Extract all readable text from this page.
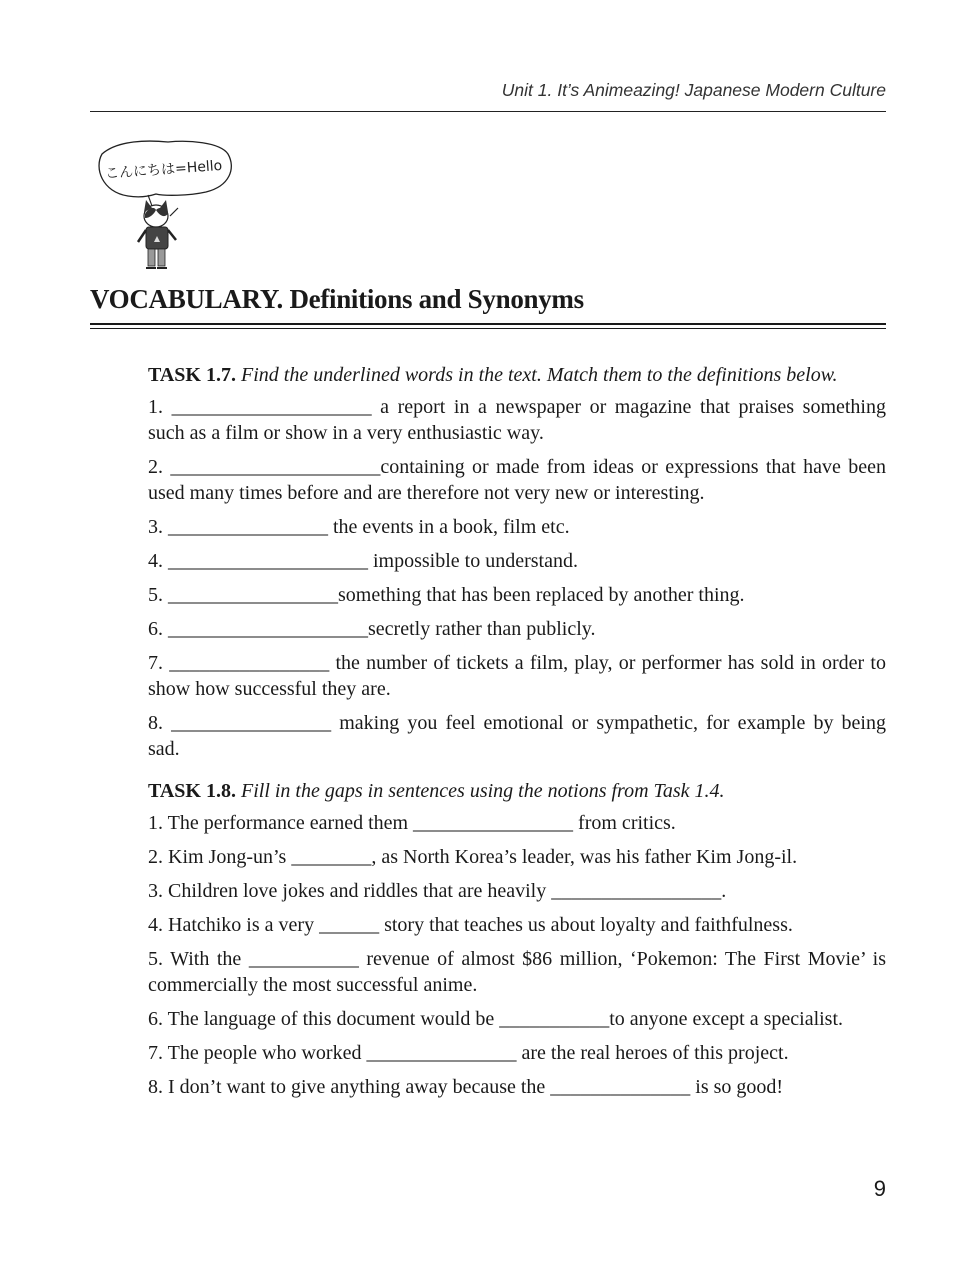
Unit 1. It’s Animeazing! Japanese Modern Culture
こんにちは=Hello
VOCABULARY. Definitions and Synonyms

TASK 1.7. Find the underlined words in the text. Match them to the definitions below.

1. ____________________ a report in a newspaper or magazine that praises something such as a film or show in a very enthusiastic way.

2. _____________________containing or made from ideas or expressions that have been used many times before and are therefore not very new or interesting.

3. ________________ the events in a book, film etc.

4. ____________________ impossible to understand.

5. _________________something that has been replaced by another thing.

6. ____________________secretly rather than publicly.

7. ________________ the number of tickets a film, play, or performer has sold in order to show how successful they are.

8. ________________ making you feel emotional or sympathetic, for example by being sad.

TASK 1.8. Fill in the gaps in sentences using the notions from Task 1.4.

1. The performance earned them ________________ from critics.

2. Kim Jong-un’s ________, as North Korea’s leader, was his father Kim Jong-il.

3. Children love jokes and riddles that are heavily _________________.

4. Hatchiko is a very ______ story that teaches us about loyalty and faithfulness.

5. With the ___________ revenue of almost $86 million, ‘Pokemon: The First Movie’ is commercially the most successful anime.

6. The language of this document would be ___________to anyone except a specialist.

7. The people who worked _______________ are the real heroes of this project.

8. I don’t want to give anything away because the ______________ is so good!

9
